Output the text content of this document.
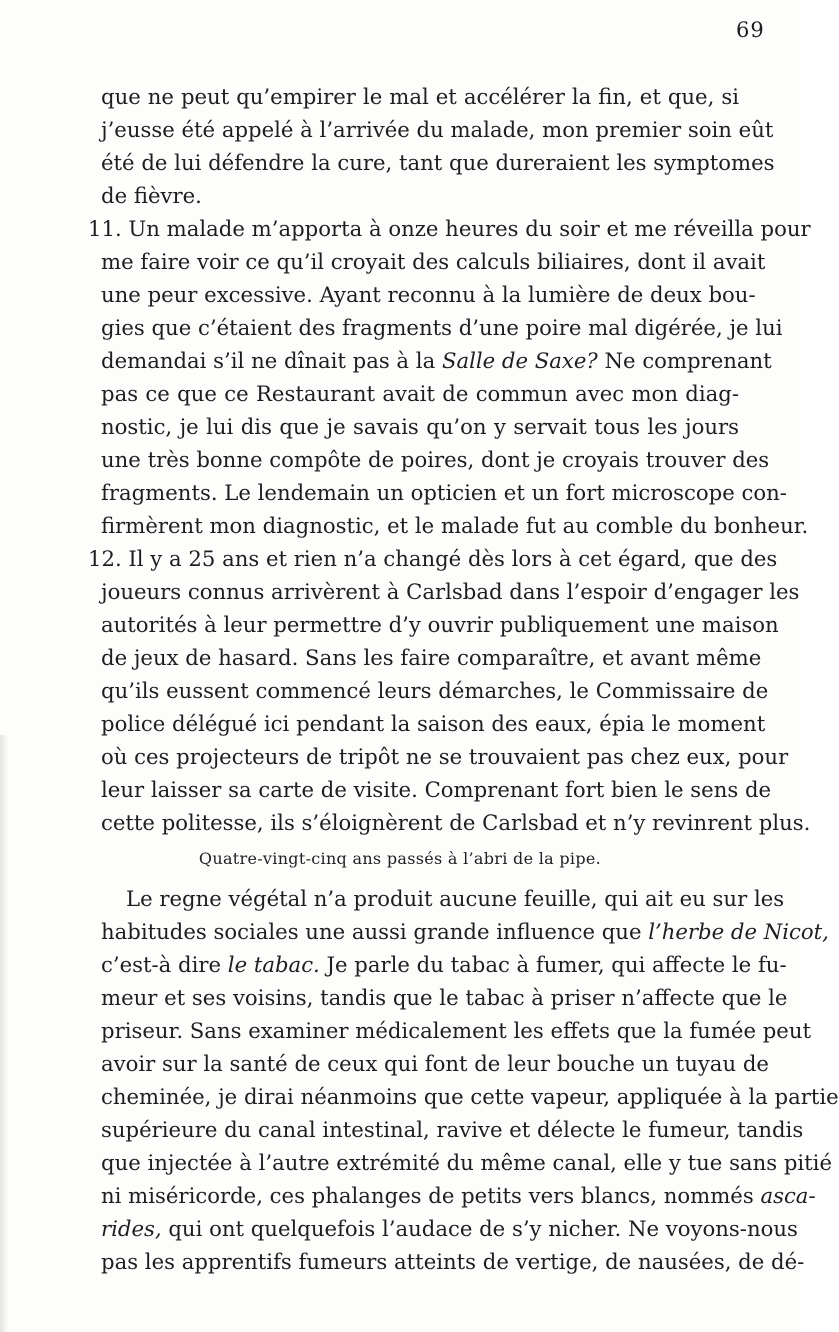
69
que ne peut qu’empirer le mal et accélérer la fin, et que, si
j’eusse été appelé à l’arrivée du malade, mon premier soin eût
été de lui défendre la cure, tant que dureraient les symptomes
de fièvre.
11. Un malade m’apporta à onze heures du soir et me réveilla pour
me faire voir ce qu’il croyait des calculs biliaires, dont il avait
une peur excessive. Ayant reconnu à la lumière de deux bou-
gies que c’étaient des fragments d’une poire mal digérée, je lui
demandai s’il ne dînait pas à la Salle de Saxe? Ne comprenant
pas ce que ce Restaurant avait de commun avec mon diag-
nostic, je lui dis que je savais qu’on y servait tous les jours
une très bonne compôte de poires, dont je croyais trouver des
fragments. Le lendemain un opticien et un fort microscope con-
firmèrent mon diagnostic, et le malade fut au comble du bonheur.
12. Il y a 25 ans et rien n’a changé dès lors à cet égard, que des
joueurs connus arrivèrent à Carlsbad dans l’espoir d’engager les
autorités à leur permettre d’y ouvrir publiquement une maison
de jeux de hasard. Sans les faire comparaître, et avant même
qu’ils eussent commencé leurs démarches, le Commissaire de
police délégué ici pendant la saison des eaux, épia le moment
où ces projecteurs de tripôt ne se trouvaient pas chez eux, pour
leur laisser sa carte de visite. Comprenant fort bien le sens de
cette politesse, ils s’éloignèrent de Carlsbad et n’y revinrent plus.
Quatre-vingt-cinq ans passés à l’abri de la pipe.
Le regne végétal n’a produit aucune feuille, qui ait eu sur les
habitudes sociales une aussi grande influence que l’herbe de Nicot,
c’est-à dire le tabac. Je parle du tabac à fumer, qui affecte le fu-
meur et ses voisins, tandis que le tabac à priser n’affecte que le
priseur. Sans examiner médicalement les effets que la fumée peut
avoir sur la santé de ceux qui font de leur bouche un tuyau de
cheminée, je dirai néanmoins que cette vapeur, appliquée à la partie
supérieure du canal intestinal, ravive et délecte le fumeur, tandis
que injectée à l’autre extrémité du même canal, elle y tue sans pitié
ni miséricorde, ces phalanges de petits vers blancs, nommés asca-
rides, qui ont quelquefois l’audace de s’y nicher. Ne voyons-nous
pas les apprentifs fumeurs atteints de vertige, de nausées, de dé-
